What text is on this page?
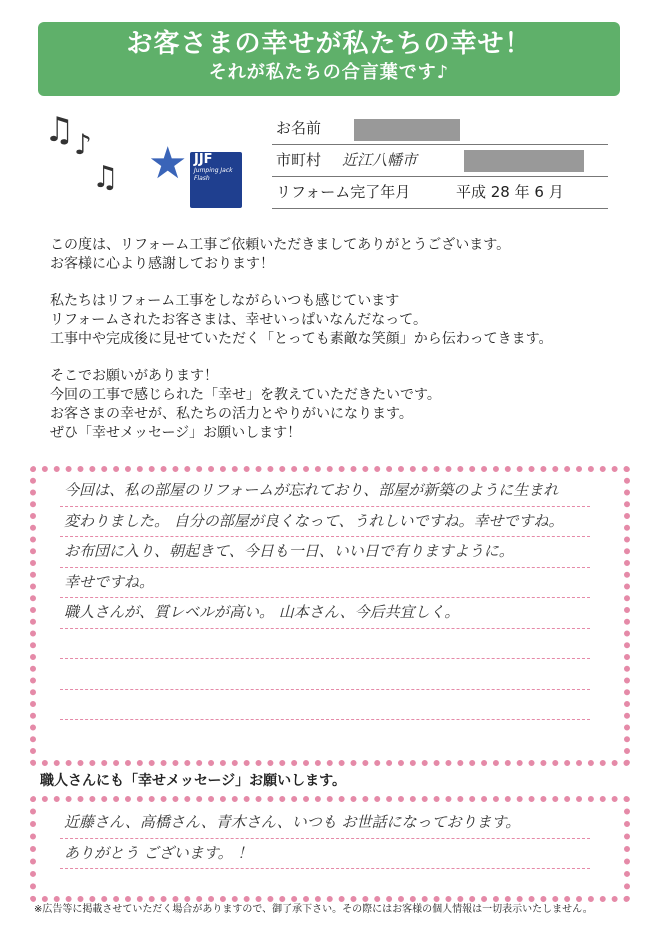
お客さまの幸せが私たちの幸せ！
それが私たちの合言葉です♪
♫ ♪
♫ ★ JJF
Jumping Jack Flash
お名前
市町村 近江八幡市
リフォーム完了年月	平成 28 年 6 月

この度は、リフォーム工事ご依頼いただきましてありがとうございます。
お客様に心より感謝しております！

私たちはリフォーム工事をしながらいつも感じています
リフォームされたお客さまは、幸せいっぱいなんだなって。
工事中や完成後に見せていただく「とっても素敵な笑顔」から伝わってきます。

そこでお願いがあります！
今回の工事で感じられた「幸せ」を教えていただきたいです。
お客さまの幸せが、私たちの活力とやりがいになります。
ぜひ「幸せメッセージ」お願いします！

今回は、私の部屋のリフォームが忘れており、部屋が新築のように生まれ
変わりました。 自分の部屋が良くなって、うれしいですね。幸せですね。
お布団に入り、朝起きて、今日も一日、いい日で有りますように。
幸せですね。
職人さんが、質レベルが高い。 山本さん、今后共宜しく。
職人さんにも「幸せメッセージ」お願いします。
近藤さん、高橋さん、青木さん、いつも お世話になっております。
ありがとう ございます。 ！
※広告等に掲載させていただく場合がありますので、御了承下さい。その際にはお客様の個人情報は一切表示いたしません。
